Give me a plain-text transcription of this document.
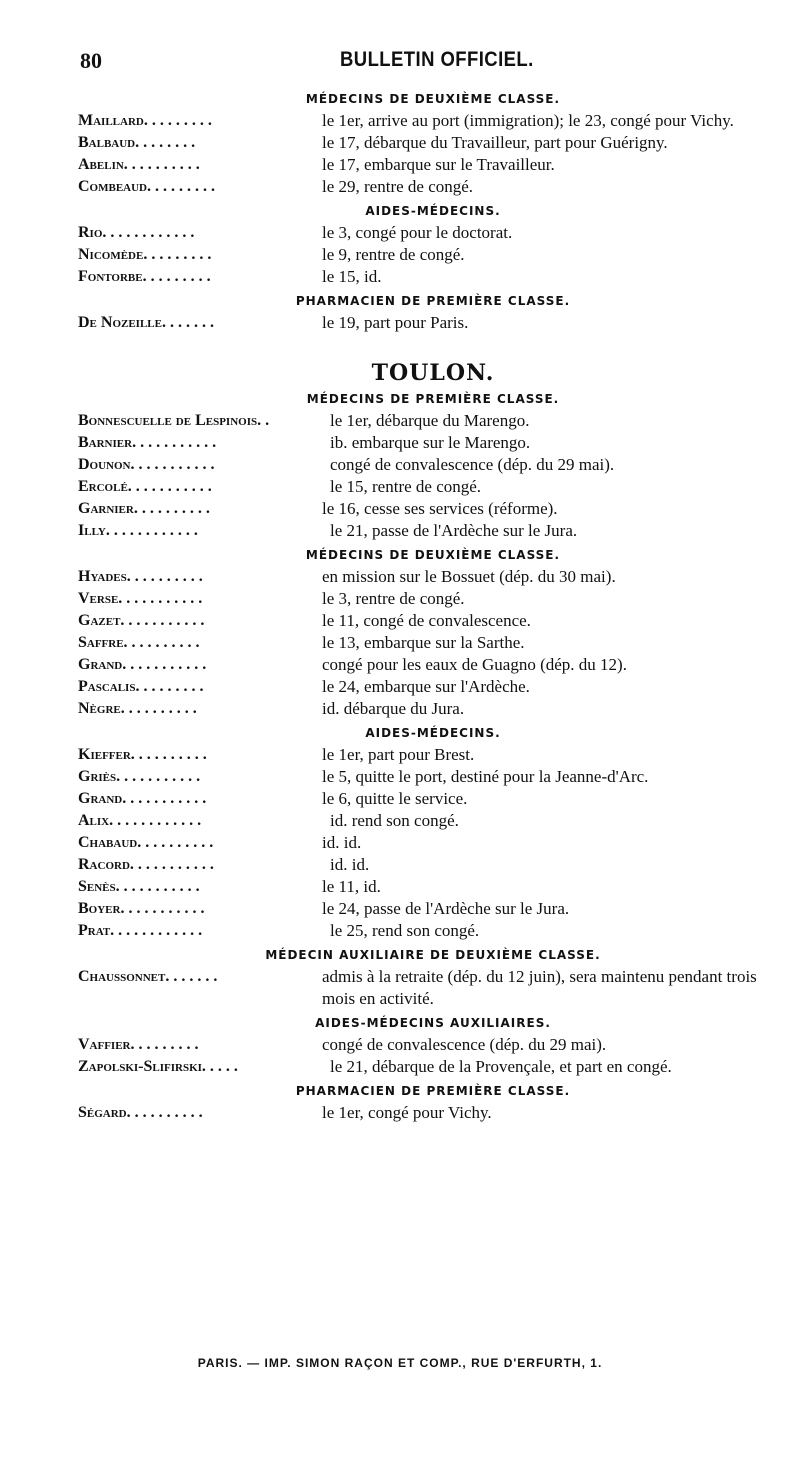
80	BULLETIN OFFICIEL.
MÉDECINS DE DEUXIÈME CLASSE.
Maillard. . . . . . . . .	le 1er, arrive au port (immigration); le 23, congé pour Vichy.
Balbaud. . . . . . . .	le 17, débarque du Travailleur, part pour Guérigny.
Abelin. . . . . . . . . .	le 17, embarque sur le Travailleur.
Combeaud. . . . . . . . .	le 29, rentre de congé.
AIDES-MÉDECINS.
Rio. . . . . . . . . . . .	le 3, congé pour le doctorat.
Nicomède. . . . . . . . .	le 9, rentre de congé.
Fontorbe. . . . . . . . .	le 15, id.
PHARMACIEN DE PREMIÈRE CLASSE.
De Nozeille. . . . . . .	le 19, part pour Paris.
TOULON.
MÉDECINS DE PREMIÈRE CLASSE.
Bonnescuelle de Lespinois. .	le 1er, débarque du Marengo.
Barnier. . . . . . . . . . .	ib. embarque sur le Marengo.
Dounon. . . . . . . . . . .	congé de convalescence (dép. du 29 mai).
Ercolé. . . . . . . . . . .	le 15, rentre de congé.
Garnier. . . . . . . . . .	le 16, cesse ses services (réforme).
Illy. . . . . . . . . . . .	le 21, passe de l'Ardèche sur le Jura.
MÉDECINS DE DEUXIÈME CLASSE.
Hyades. . . . . . . . . .	en mission sur le Bossuet (dép. du 30 mai).
Verse. . . . . . . . . . .	le 3, rentre de congé.
Gazet. . . . . . . . . . .	le 11, congé de convalescence.
Saffre. . . . . . . . . .	le 13, embarque sur la Sarthe.
Grand. . . . . . . . . . .	congé pour les eaux de Guagno (dép. du 12).
Pascalis. . . . . . . . .	le 24, embarque sur l'Ardèche.
Nègre. . . . . . . . . .	id. débarque du Jura.
AIDES-MÉDECINS.
Kieffer. . . . . . . . . .	le 1er, part pour Brest.
Griès. . . . . . . . . . .	le 5, quitte le port, destiné pour la Jeanne-d'Arc.
Grand. . . . . . . . . . .	le 6, quitte le service.
Alix. . . . . . . . . . . .	id. rend son congé.
Chabaud. . . . . . . . . .	id. id.
Racord. . . . . . . . . . .	id. id.
Senès. . . . . . . . . . .	le 11, id.
Boyer. . . . . . . . . . .	le 24, passe de l'Ardèche sur le Jura.
Prat. . . . . . . . . . . .	le 25, rend son congé.
MÉDECIN AUXILIAIRE DE DEUXIÈME CLASSE.
Chaussonnet. . . . . . .	admis à la retraite (dép. du 12 juin), sera maintenu pendant trois mois en activité.
AIDES-MÉDECINS AUXILIAIRES.
Vaffier. . . . . . . . .	congé de convalescence (dép. du 29 mai).
Zapolski-Slifirski. . . . .	le 21, débarque de la Provençale, et part en congé.
PHARMACIEN DE PREMIÈRE CLASSE.
Ségard. . . . . . . . . .	le 1er, congé pour Vichy.
PARIS. — IMP. SIMON RAÇON ET COMP., RUE D'ERFURTH, 1.
